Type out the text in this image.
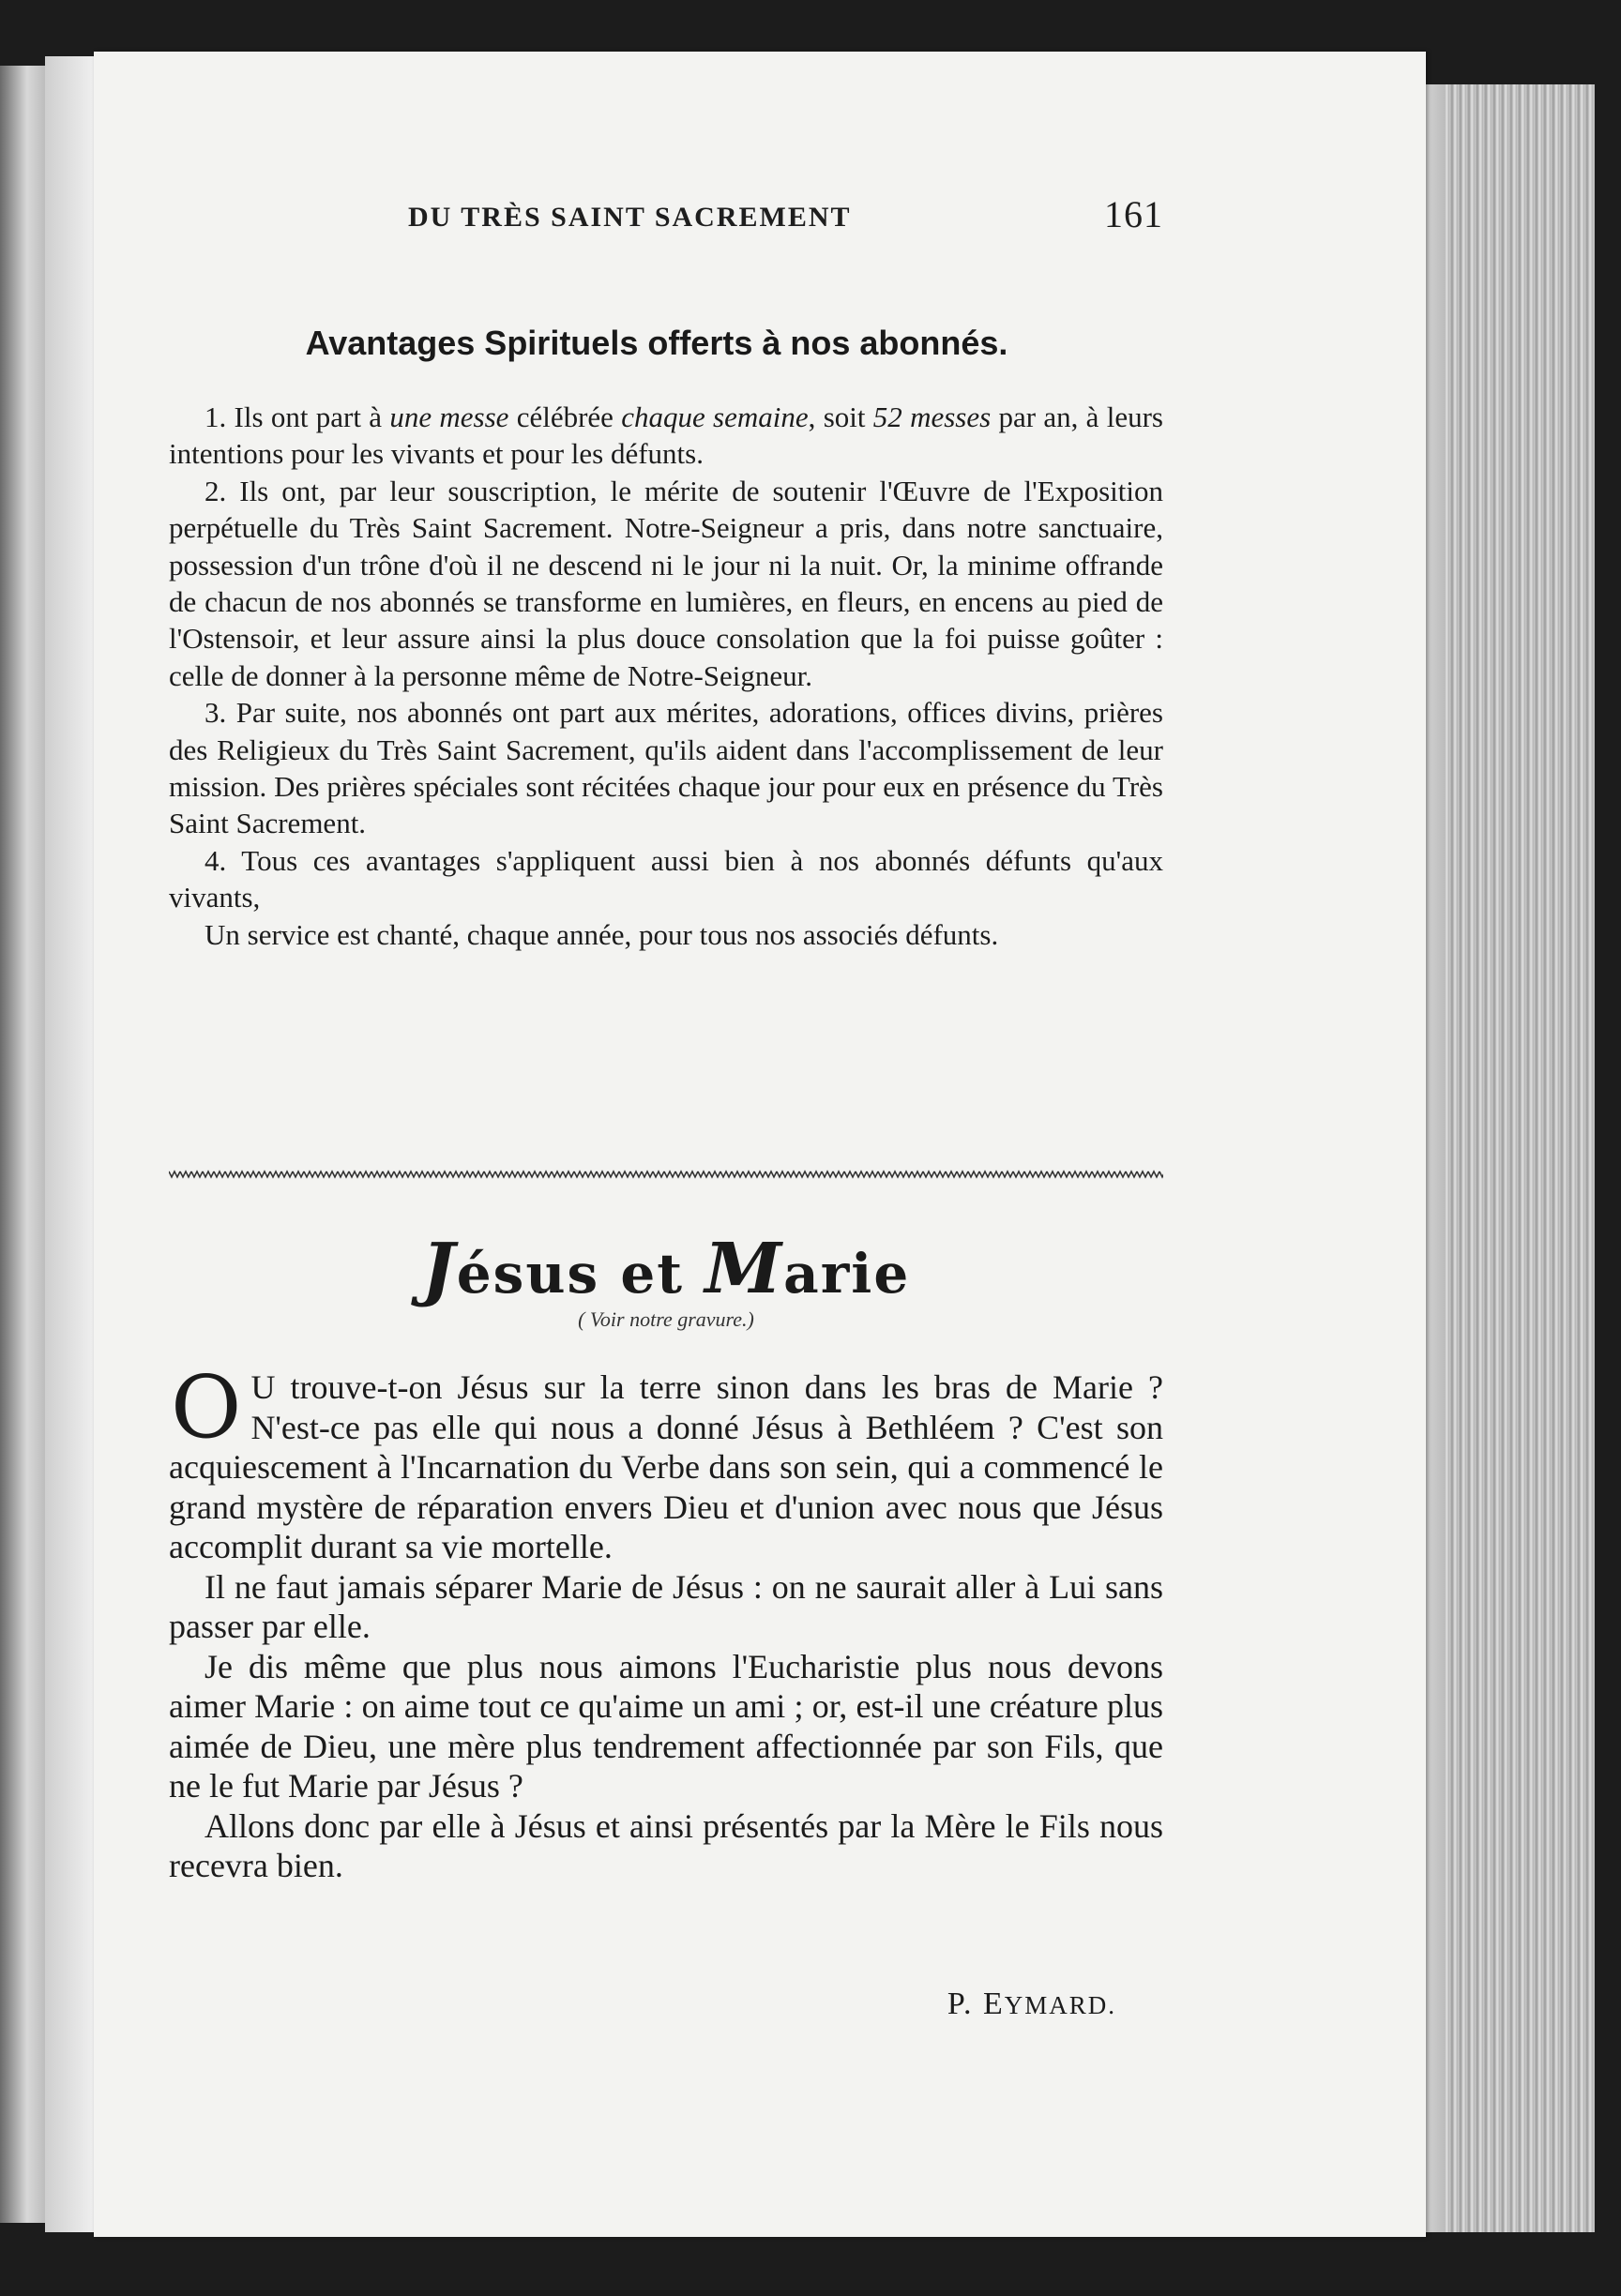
DU TRÈS SAINT SACREMENT	161
Avantages Spirituels offerts à nos abonnés.

1. Ils ont part à une messe célébrée chaque semaine, soit 52 messes par an, à leurs intentions pour les vivants et pour les défunts.

2. Ils ont, par leur souscription, le mérite de soutenir l'Œuvre de l'Exposition perpétuelle du Très Saint Sacrement. Notre-Seigneur a pris, dans notre sanctuaire, possession d'un trône d'où il ne descend ni le jour ni la nuit. Or, la minime offrande de chacun de nos abonnés se transforme en lumières, en fleurs, en encens au pied de l'Ostensoir, et leur assure ainsi la plus douce consolation que la foi puisse goûter : celle de donner à la personne même de Notre-Seigneur.

3. Par suite, nos abonnés ont part aux mérites, adorations, offices divins, prières des Religieux du Très Saint Sacrement, qu'ils aident dans l'accomplissement de leur mission. Des prières spéciales sont récitées chaque jour pour eux en présence du Très Saint Sacrement.

4. Tous ces avantages s'appliquent aussi bien à nos abonnés défunts qu'aux vivants,

Un service est chanté, chaque année, pour tous nos associés défunts.

Jésus et Marie
( Voir notre gravure.)

O U trouve-t-on Jésus sur la terre sinon dans les bras de Marie ? N'est-ce pas elle qui nous a donné Jésus à Bethléem ? C'est son acquiescement à l'Incarnation du Verbe dans son sein, qui a commencé le grand mystère de réparation envers Dieu et d'union avec nous que Jésus accomplit durant sa vie mortelle.

Il ne faut jamais séparer Marie de Jésus : on ne saurait aller à Lui sans passer par elle.

Je dis même que plus nous aimons l'Eucharistie plus nous devons aimer Marie : on aime tout ce qu'aime un ami ; or, est-il une créature plus aimée de Dieu, une mère plus tendrement affectionnée par son Fils, que ne le fut Marie par Jésus ?

Allons donc par elle à Jésus et ainsi présentés par la Mère le Fils nous recevra bien.

P. EYMARD.
